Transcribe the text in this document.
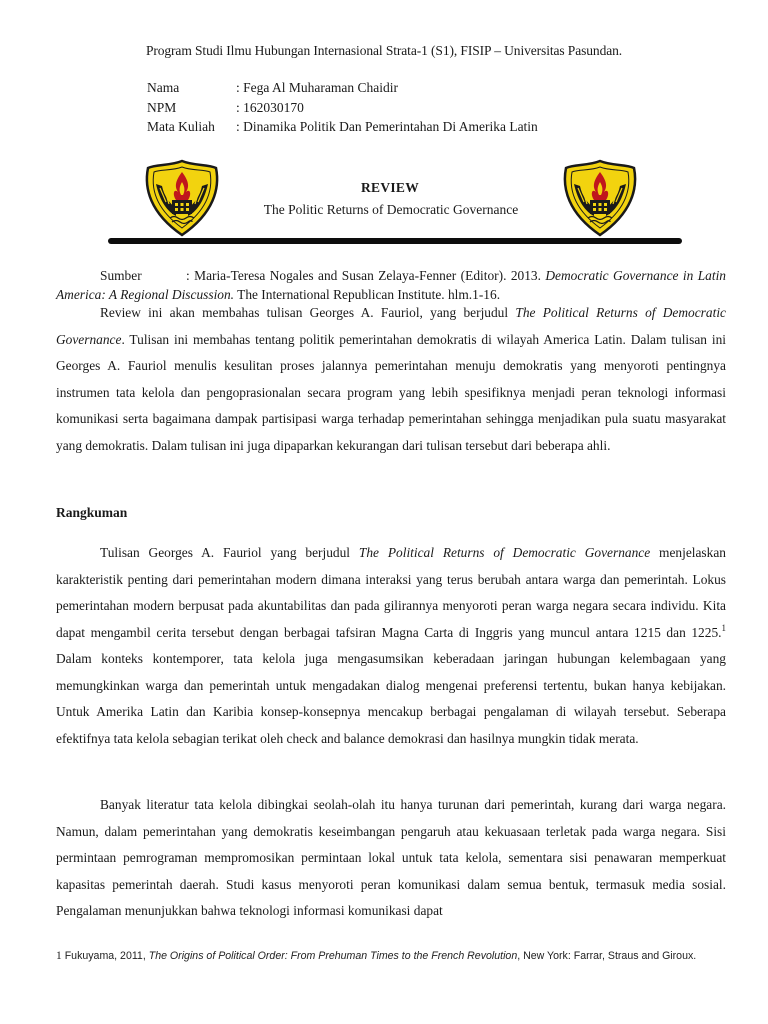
Program Studi Ilmu Hubungan Internasional Strata-1 (S1), FISIP – Universitas Pasundan.
Nama	: Fega Al Muharaman Chaidir
NPM	: 162030170
Mata Kuliah	: Dinamika Politik Dan Pemerintahan Di Amerika Latin
REVIEW
The Politic Returns of Democratic Governance
Sumber	: Maria-Teresa Nogales and Susan Zelaya-Fenner (Editor). 2013. Democratic Governance in Latin America: A Regional Discussion. The International Republican Institute. hlm.1-16.
Review ini akan membahas tulisan Georges A. Fauriol, yang berjudul The Political Returns of Democratic Governance. Tulisan ini membahas tentang politik pemerintahan demokratis di wilayah America Latin. Dalam tulisan ini Georges A. Fauriol menulis kesulitan proses jalannya pemerintahan menuju demokratis yang menyoroti pentingnya instrumen tata kelola dan pengoprasionalan secara program yang lebih spesifiknya menjadi peran teknologi informasi komunikasi serta bagaimana dampak partisipasi warga terhadap pemerintahan sehingga menjadikan pula suatu masyarakat yang demokratis. Dalam tulisan ini juga dipaparkan kekurangan dari tulisan tersebut dari beberapa ahli.
Rangkuman
Tulisan Georges A. Fauriol yang berjudul The Political Returns of Democratic Governance menjelaskan karakteristik penting dari pemerintahan modern dimana interaksi yang terus berubah antara warga dan pemerintah. Lokus pemerintahan modern berpusat pada akuntabilitas dan pada gilirannya menyoroti peran warga negara secara individu. Kita dapat mengambil cerita tersebut dengan berbagai tafsiran Magna Carta di Inggris yang muncul antara 1215 dan 1225.$^1$ Dalam konteks kontemporer, tata kelola juga mengasumsikan keberadaan jaringan hubungan kelembagaan yang memungkinkan warga dan pemerintah untuk mengadakan dialog mengenai preferensi tertentu, bukan hanya kebijakan. Untuk Amerika Latin dan Karibia konsep-konsepnya mencakup berbagai pengalaman di wilayah tersebut. Seberapa efektifnya tata kelola sebagian terikat oleh check and balance demokrasi dan hasilnya mungkin tidak merata.
Banyak literatur tata kelola dibingkai seolah-olah itu hanya turunan dari pemerintah, kurang dari warga negara. Namun, dalam pemerintahan yang demokratis keseimbangan pengaruh atau kekuasaan terletak pada warga negara. Sisi permintaan pemrograman mempromosikan permintaan lokal untuk tata kelola, sementara sisi penawaran memperkuat kapasitas pemerintah daerah. Studi kasus menyoroti peran komunikasi dalam semua bentuk, termasuk media sosial. Pengalaman menunjukkan bahwa teknologi informasi komunikasi dapat
1 Fukuyama, 2011, The Origins of Political Order: From Prehuman Times to the French Revolution, New York: Farrar, Straus and Giroux.
